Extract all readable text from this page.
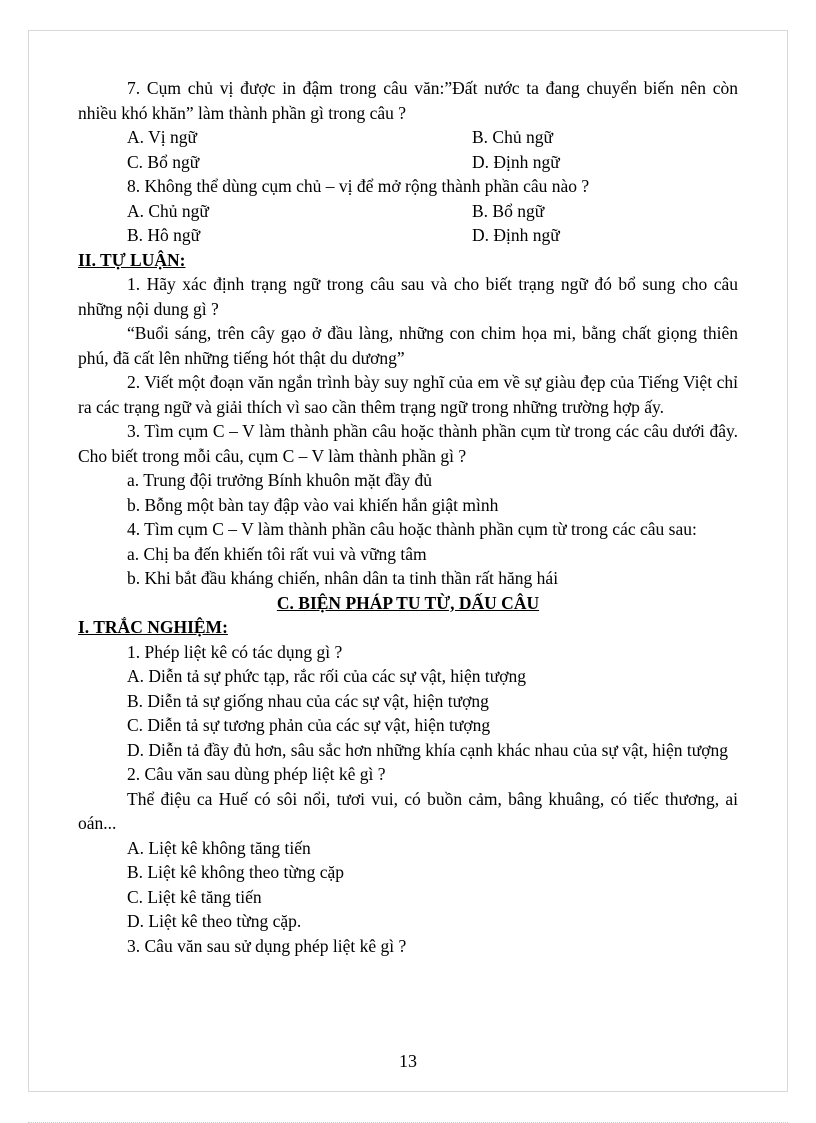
7. Cụm chủ vị được in đậm trong câu văn:”Đất nước ta đang chuyển biến nên còn nhiều khó khăn” làm thành phần gì trong câu ?

A. Vị ngữ	B. Chủ ngữ
C. Bổ ngữ	D. Định ngữ

8. Không thể dùng cụm chủ – vị để mở rộng thành phần câu nào ?

A. Chủ ngữ	B. Bổ ngữ
B. Hô ngữ	D. Định ngữ

II. TỰ LUẬN:

1. Hãy xác định trạng ngữ trong câu sau và cho biết trạng ngữ đó bổ sung cho câu những nội dung gì ?

“Buổi sáng, trên cây gạo ở đầu làng, những con chim họa mi, bằng chất giọng thiên phú, đã cất lên những tiếng hót thật du dương”

2. Viết một đoạn văn ngắn trình bày suy nghĩ của em về sự giàu đẹp của Tiếng Việt chỉ ra các trạng ngữ và giải thích vì sao cần thêm trạng ngữ trong những trường hợp ấy.

3. Tìm cụm C – V làm thành phần câu hoặc thành phần cụm từ trong các câu dưới đây. Cho biết trong mỗi câu, cụm C – V làm thành phần gì ?

a. Trung đội trưởng Bính khuôn mặt đầy đủ

b. Bỗng một bàn tay đập vào vai khiến hắn giật mình

4. Tìm cụm C – V làm thành phần câu hoặc thành phần cụm từ trong các câu sau:

a. Chị ba đến khiến tôi rất vui và vững tâm

b. Khi bắt đầu kháng chiến, nhân dân ta tinh thần rất hăng hái

C. BIỆN PHÁP TU TỪ, DẤU CÂU

I. TRẮC NGHIỆM:

1. Phép liệt kê có tác dụng gì ?

A. Diễn tả sự phức tạp, rắc rối của các sự vật, hiện tượng

B. Diễn tả sự giống nhau của các sự vật, hiện tượng

C. Diễn tả sự tương phản của các sự vật, hiện tượng

D. Diễn tả đầy đủ hơn, sâu sắc hơn những khía cạnh khác nhau của sự vật, hiện tượng

2. Câu văn sau dùng phép liệt kê gì ?

Thể điệu ca Huế có sôi nổi, tươi vui, có buồn cảm, bâng khuâng, có tiếc thương, ai oán...

A. Liệt kê không tăng tiến

B. Liệt kê không theo từng cặp

C. Liệt kê tăng tiến

D. Liệt kê theo từng cặp.

3. Câu văn sau sử dụng phép liệt kê gì ?

13
